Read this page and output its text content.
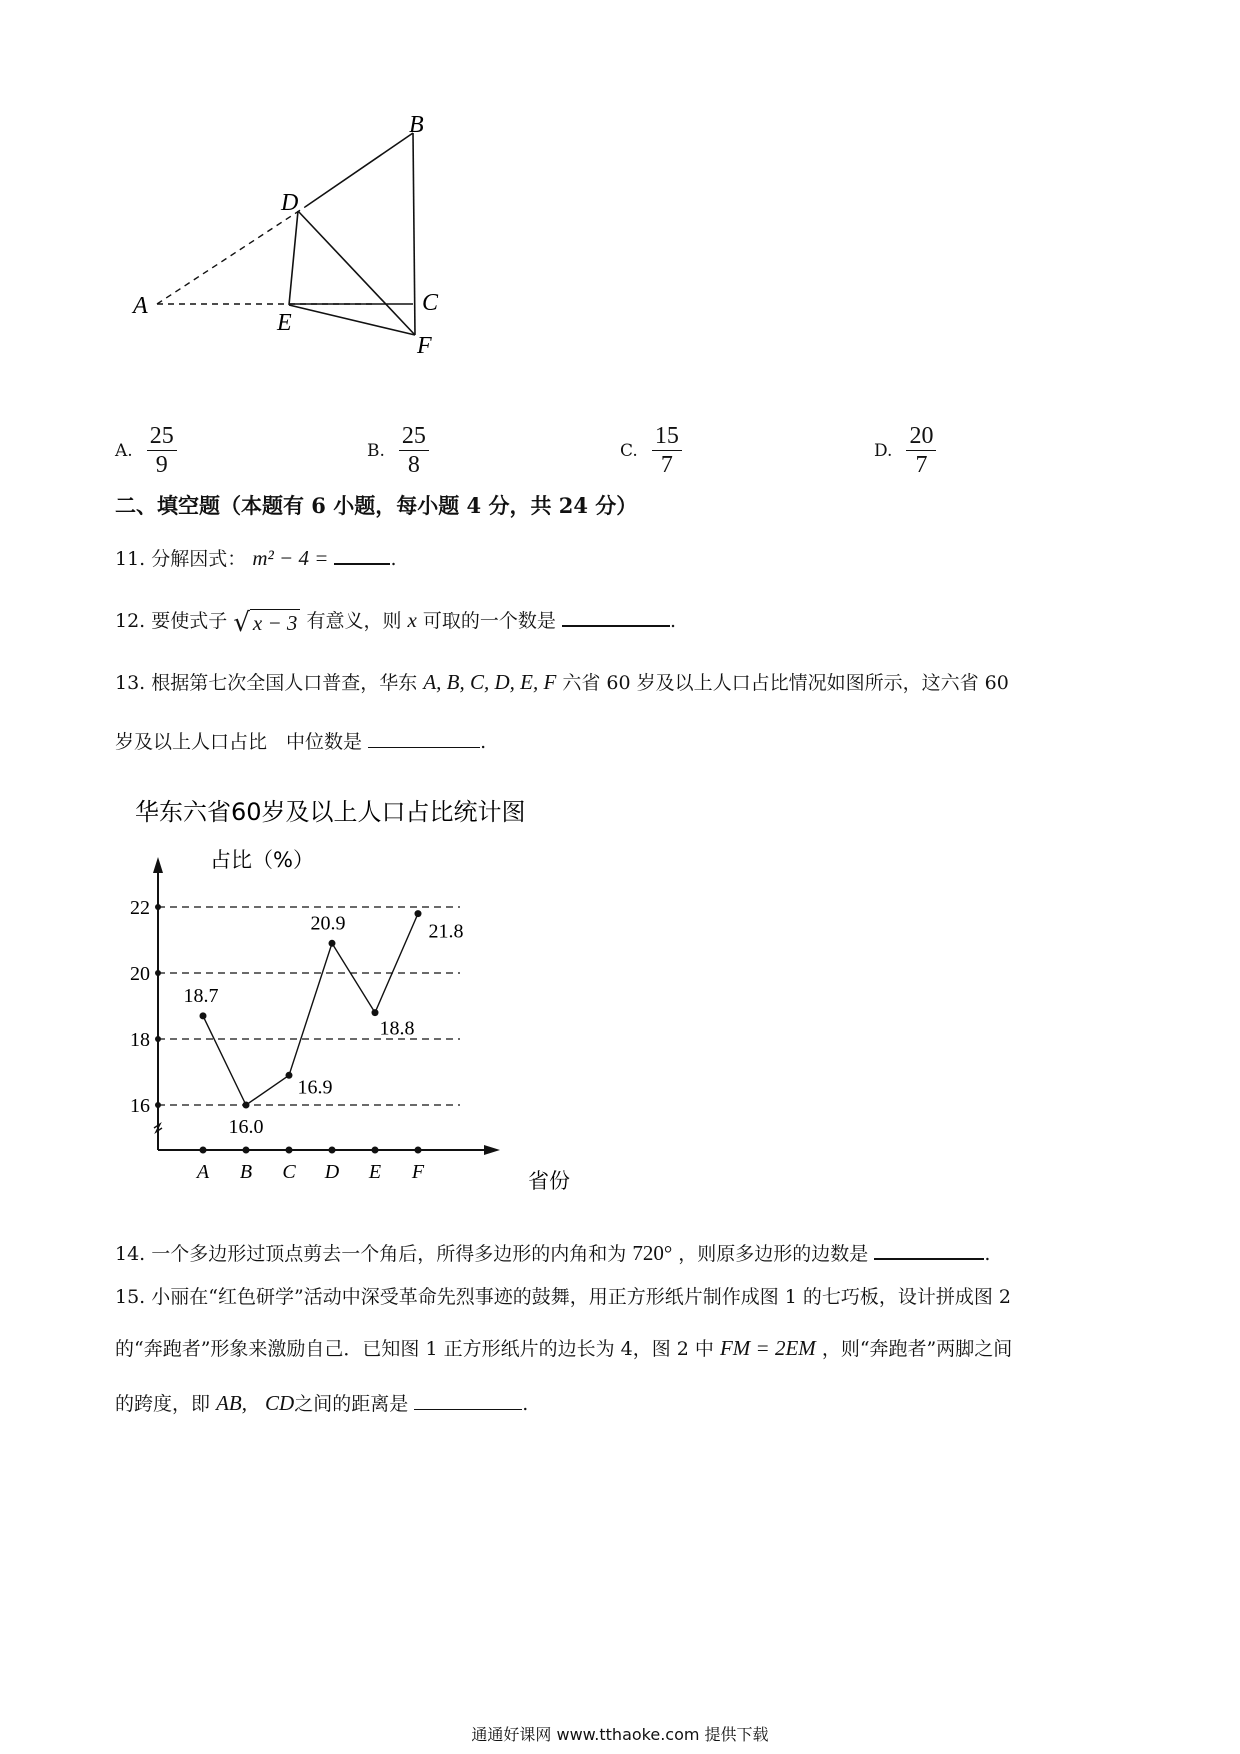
B
D
A	C
E
F
A. $\frac{25}{9}$	B. $\frac{25}{8}$	C. $\frac{15}{7}$	D. $\frac{20}{7}$
二、填空题（本题有 6 小题，每小题 4 分，共 24 分）
11. 分解因式： m² − 4 =	.
12. 要使式子 √ x − 3 有意义，则 x 可取的一个数是	.
13. 根据第七次全国人口普查，华东 A, B, C, D, E, F 六省 60 岁及以上人口占比情况如图所示，这六省 60
岁及以上人口占比　中位数是	.
华东六省60岁及以上人口占比统计图
占比（%）
省份
16
18
20
22
A B C D E F
18.7
16.0
16.9
20.9
18.8
21.8
14. 一个多边形过顶点剪去一个角后，所得多边形的内角和为 720° ，则原多边形的边数是	.
15. 小丽在“红色研学”活动中深受革命先烈事迹的鼓舞，用正方形纸片制作成图 1 的七巧板，设计拼成图 2
的“奔跑者”形象来激励自己．已知图 1 正方形纸片的边长为 4，图 2 中 FM = 2EM ，则“奔跑者”两脚之间
的跨度，即 AB, CD之间的距离是	.
通通好课网 www.tthaoke.com 提供下载
